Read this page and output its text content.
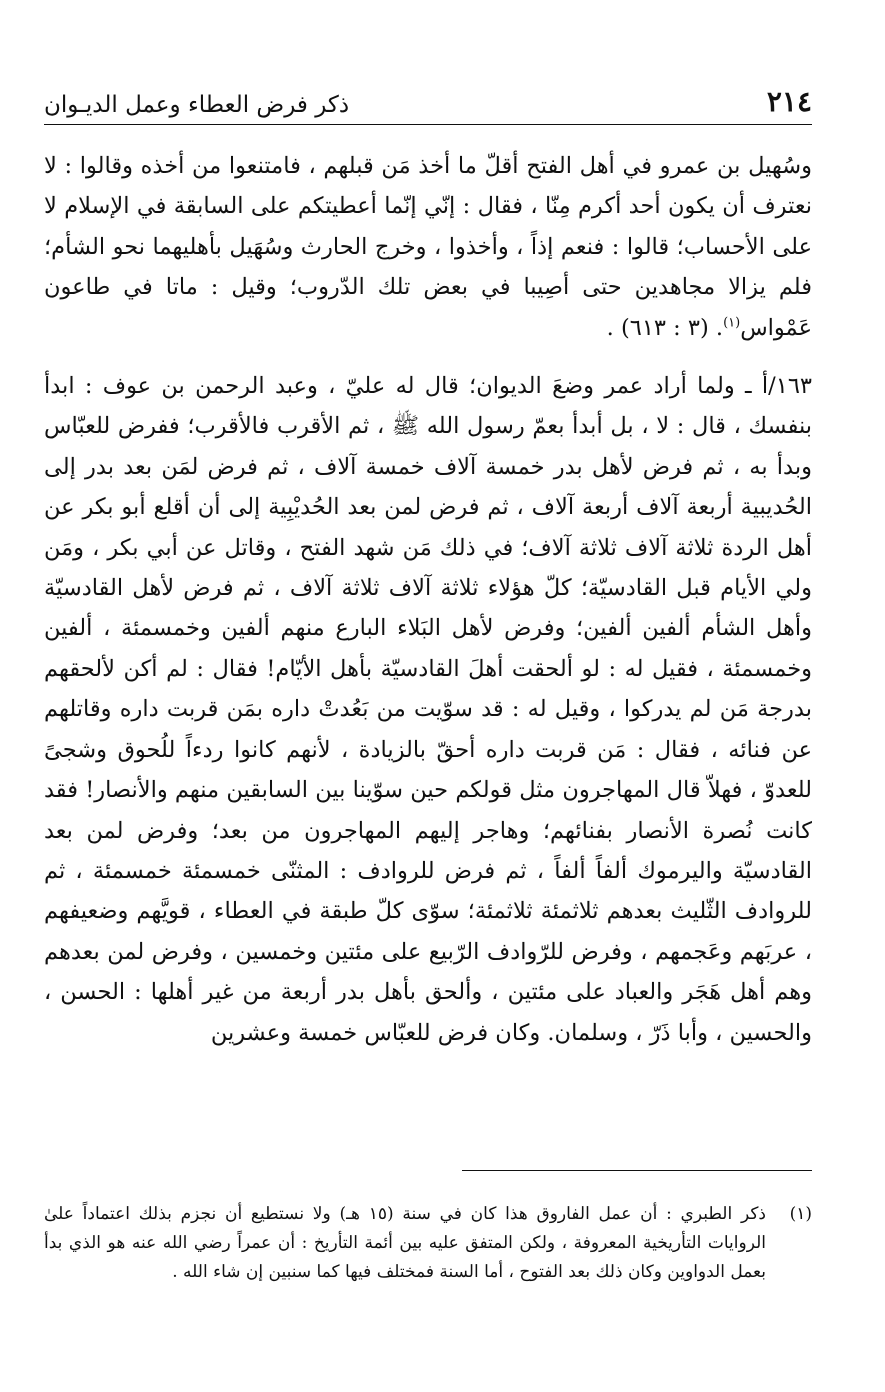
٢١٤
ذكر فرض العطاء وعمل الديـوان

وسُهيل بن عمرو في أهل الفتح أقلّ ما أخذ مَن قبلهم ، فامتنعوا من أخذه وقالوا : لا نعترف أن يكون أحد أكرم مِنّا ، فقال : إنّي إنّما أعطيتكم على السابقة في الإسلام لا على الأحساب؛ قالوا : فنعم إذاً ، وأخذوا ، وخرج الحارث وسُهَيل بأهليهما نحو الشأم؛ فلم يزالا مجاهدين حتى أصِيبا في بعض تلك الدّروب؛ وقيل : ماتا في طاعون عَمْواس$^{(١)}$. (٣ : ٦١٣) .

١٦٣/أ ـ ولما أراد عمر وضعَ الديوان؛ قال له عليّ ، وعبد الرحمن بن عوف : ابدأ بنفسك ، قال : لا ، بل أبدأ بعمّ رسول الله ﷺ ، ثم الأقرب فالأقرب؛ ففرض للعبّاس وبدأ به ، ثم فرض لأهل بدر خمسة آلاف خمسة آلاف ، ثم فرض لمَن بعد بدر إلى الحُديبية أربعة آلاف أربعة آلاف ، ثم فرض لمن بعد الحُديْبِية إلى أن أقلع أبو بكر عن أهل الردة ثلاثة آلاف ثلاثة آلاف؛ في ذلك مَن شهد الفتح ، وقاتل عن أبي بكر ، ومَن ولي الأيام قبل القادسيّة؛ كلّ هؤلاء ثلاثة آلاف ثلاثة آلاف ، ثم فرض لأهل القادسيّة وأهل الشأم ألفين ألفين؛ وفرض لأهل البَلاء البارع منهم ألفين وخمسمئة ، ألفين وخمسمئة ، فقيل له : لو ألحقت أهلَ القادسيّة بأهل الأيّام! فقال : لم أكن لألحقهم بدرجة مَن لم يدركوا ، وقيل له : قد سوّيت من بَعُدتْ داره بمَن قربت داره وقاتلهم عن فنائه ، فقال : مَن قربت داره أحقّ بالزيادة ، لأنهم كانوا ردءاً للُحوق وشجىً للعدوّ ، فهلاّ قال المهاجرون مثل قولكم حين سوّينا بين السابقين منهم والأنصار! فقد كانت نُصرة الأنصار بفنائهم؛ وهاجر إليهم المهاجرون من بعد؛ وفرض لمن بعد القادسيّة واليرموك ألفاً ألفاً ، ثم فرض للروادف : المثنّى خمسمئة خمسمئة ، ثم للروادف الثّليث بعدهم ثلاثمئة ثلاثمئة؛ سوّى كلّ طبقة في العطاء ، قويَّهم وضعيفهم ، عربَهم وعَجمهم ، وفرض للرّوادف الرّبيع على مئتين وخمسين ، وفرض لمن بعدهم وهم أهل هَجَر والعباد على مئتين ، وألحق بأهل بدر أربعة من غير أهلها : الحسن ، والحسين ، وأبا ذَرّ ، وسلمان. وكان فرض للعبّاس خمسة وعشرين

(١)
ذكر الطبري : أن عمل الفاروق هذا كان في سنة (١٥ هـ) ولا نستطيع أن نجزم بذلك اعتماداً علىٰ الروايات التأريخية المعروفة ، ولكن المتفق عليه بين أئمة التأريخ : أن عمراً رضي الله عنه هو الذي بدأ بعمل الدواوين وكان ذلك بعد الفتوح ، أما السنة فمختلف فيها كما سنبين إن شاء الله .
